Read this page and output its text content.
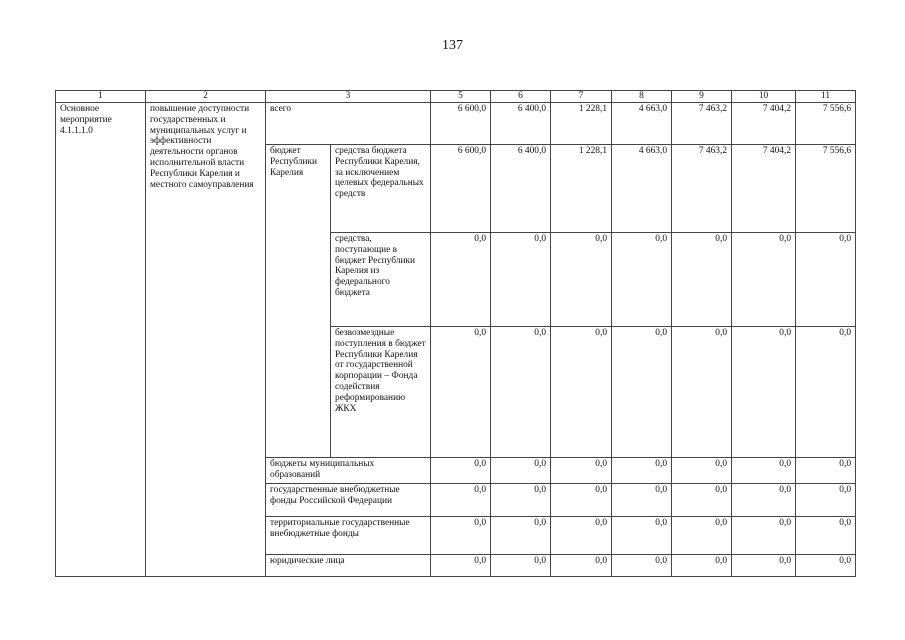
137
1	2	3		5	6	7	8	9	10	11
Основное мероприятие 4.1.1.1.0	повышение доступности государственных и муниципальных услуг и эффективности деятельности органов исполнительной власти Республики Карелия и местного самоуправления	всего		6 600,0	6 400,0	1 228,1	4 663,0	7 463,2	7 404,2	7 556,6
		бюджет Республики Карелия	средства бюджета Республики Карелия, за исключением целевых федеральных средств	6 600,0	6 400,0	1 228,1	4 663,0	7 463,2	7 404,2	7 556,6
			средства, поступающие в бюджет Республики Карелия из федерального бюджета	0,0	0,0	0,0	0,0	0,0	0,0	0,0
			безвозмездные поступления в бюджет Республики Карелия от государственной корпорации – Фонда содействия реформированию ЖКХ	0,0	0,0	0,0	0,0	0,0	0,0	0,0
		бюджеты муниципальных образований		0,0	0,0	0,0	0,0	0,0	0,0	0,0
		государственные внебюджетные фонды Российской Федерации		0,0	0,0	0,0	0,0	0,0	0,0	0,0
		территориальные государственные внебюджетные фонды		0,0	0,0	0,0	0,0	0,0	0,0	0,0
		юридические лица		0,0	0,0	0,0	0,0	0,0	0,0	0,0
